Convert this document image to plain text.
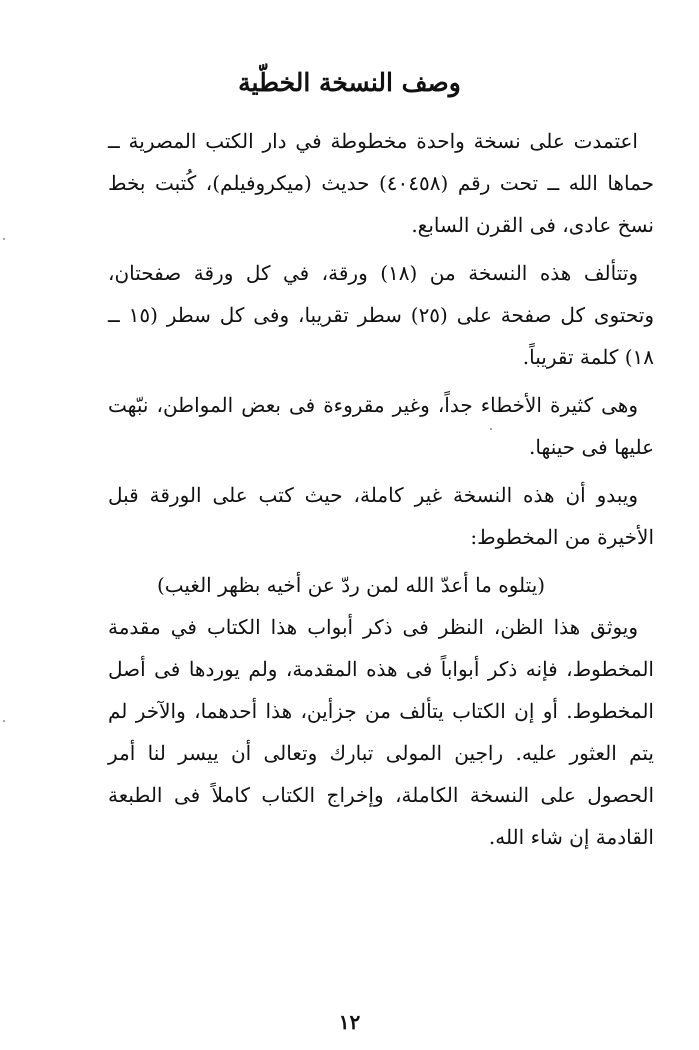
وصف النسخة الخطّية

اعتمدت على نسخة واحدة مخطوطة في دار الكتب المصرية ــ حماها الله ــ تحت رقم (٤٠٤٥٨) حديث (ميكروفيلم)، كُتبت بخط نسخ عادى، فى القرن السابع.

وتتألف هذه النسخة من (١٨) ورقة، في كل ورقة صفحتان، وتحتوى كل صفحة على (٢٥) سطر تقريبا، وفى كل سطر (١٥ ــ ١٨) كلمة تقريباً.

وهى كثيرة الأخطاء جداً، وغير مقروءة فى بعض المواطن، نبّهت عليها فى حينها.

ويبدو أن هذه النسخة غير كاملة، حيث كتب على الورقة قبل الأخيرة من المخطوط:

(يتلوه ما أعدّ الله لمن ردّ عن أخيه بظهر الغيب)

ويوثق هذا الظن، النظر فى ذكر أبواب هذا الكتاب في مقدمة المخطوط، فإنه ذكر أبواباً فى هذه المقدمة، ولم يوردها فى أصل المخطوط. أو إن الكتاب يتألف من جزأين، هذا أحدهما، والآخر لم يتم العثور عليه. راجين المولى تبارك وتعالى أن ييسر لنا أمر الحصول على النسخة الكاملة، وإخراج الكتاب كاملاً فى الطبعة القادمة إن شاء الله.

١٢
